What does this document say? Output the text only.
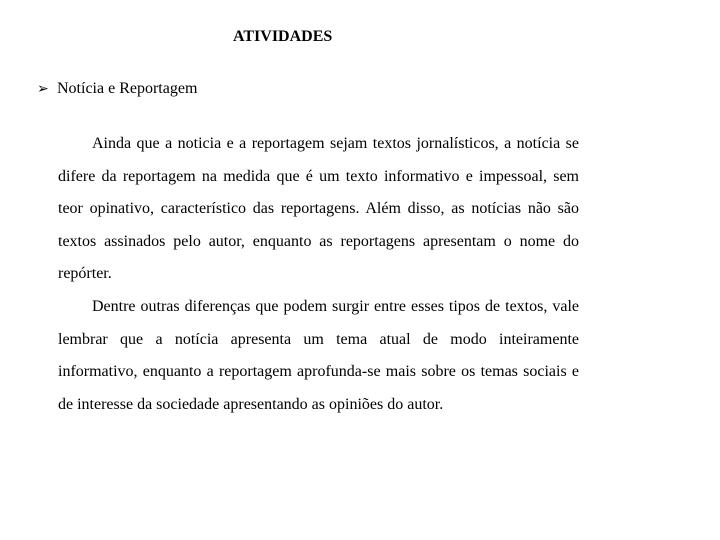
ATIVIDADES
➢ Notícia e Reportagem

Ainda que a noticia e a reportagem sejam textos jornalísticos, a notícia se difere da reportagem na medida que é um texto informativo e impessoal, sem teor opinativo, característico das reportagens. Além disso, as notícias não são textos assinados pelo autor, enquanto as reportagens apresentam o nome do repórter.

Dentre outras diferenças que podem surgir entre esses tipos de textos, vale lembrar que a notícia apresenta um tema atual de modo inteiramente informativo, enquanto a reportagem aprofunda-se mais sobre os temas sociais e de interesse da sociedade apresentando as opiniões do autor.
